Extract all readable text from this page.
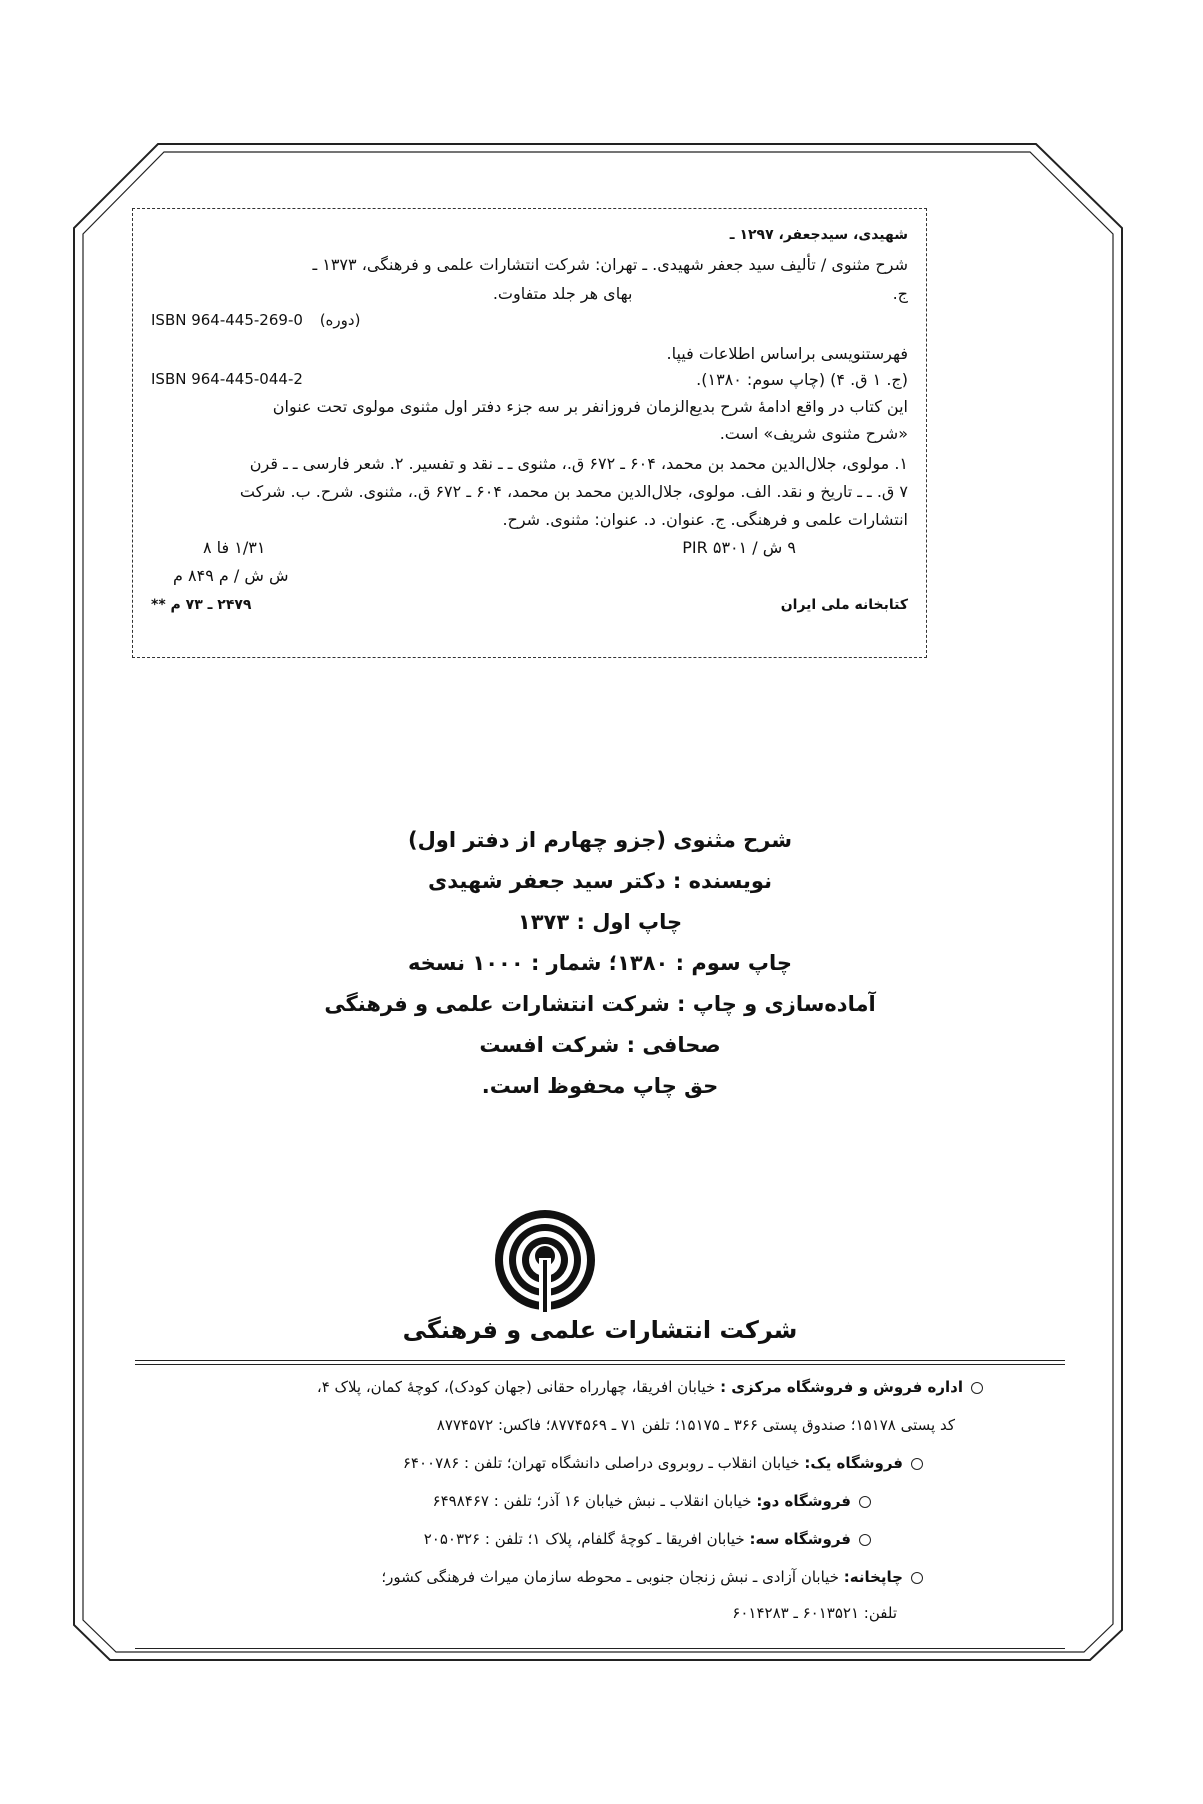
شهیدی، سیدجعفر، ۱۲۹۷ ـ
شرح مثنوی / تألیف سید جعفر شهیدی. ـ تهران: شرکت انتشارات علمی و فرهنگی، ۱۳۷۳ ـ
ج.  بهای هر جلد متفاوت.
ISBN 964-445-269-0 (دوره)
فهرستنویسی براساس اطلاعات فیپا.
ISBN 964-445-044-2	(ج. ۱ ق. ۴) (چاپ سوم: ۱۳۸۰).
این کتاب در واقع ادامهٔ شرح بدیع‌الزمان فروزانفر بر سه جزء دفتر اول مثنوی مولوی تحت عنوان
«شرح مثنوی شریف» است.
۱. مولوی، جلال‌الدین محمد بن محمد، ۶۰۴ ـ ۶۷۲ ق.، مثنوی ـ ـ نقد و تفسیر. ۲. شعر فارسی ـ ـ قرن
۷ ق. ـ ـ تاریخ و نقد. الف. مولوی، جلال‌الدین محمد بن محمد، ۶۰۴ ـ ۶۷۲ ق.، مثنوی. شرح. ب. شرکت
انتشارات علمی و فرهنگی. ج. عنوان. د. عنوان: مثنوی. شرح.
۹ ش / ۵۳۰۱ PIR
۱/۳۱ فا ۸
ش ش / م ۸۴۹ م
کتابخانه ملی ایران
۲۴۷۹ ـ ۷۳ م **
شرح مثنوی (جزو چهارم از دفتر اول)
نویسنده : دکتر سید جعفر شهیدی
چاپ اول : ۱۳۷۳
چاپ سوم : ۱۳۸۰؛ شمار : ۱۰۰۰ نسخه
آماده‌سازی و چاپ : شرکت انتشارات علمی و فرهنگی
صحافی : شرکت افست
حق چاپ محفوظ است.
شرکت انتشارات علمی و فرهنگی
اداره فروش و فروشگاه مرکزی : خیابان افریقا، چهارراه حقانی (جهان کودک)، کوچهٔ کمان، پلاک ۴،
کد پستی ۱۵۱۷۸؛ صندوق پستی ۳۶۶ ـ ۱۵۱۷۵؛ تلفن ۷۱ ـ ۸۷۷۴۵۶۹؛ فاکس: ۸۷۷۴۵۷۲
فروشگاه یک: خیابان انقلاب ـ روبروی دراصلی دانشگاه تهران؛ تلفن : ۶۴۰۰۷۸۶
فروشگاه دو: خیابان انقلاب ـ نبش خیابان ۱۶ آذر؛ تلفن : ۶۴۹۸۴۶۷
فروشگاه سه: خیابان افریقا ـ کوچهٔ گلفام، پلاک ۱؛ تلفن : ۲۰۵۰۳۲۶
چاپخانه: خیابان آزادی ـ نبش زنجان جنوبی ـ محوطه سازمان میراث فرهنگی کشور؛
تلفن: ۶۰۱۳۵۲۱ ـ ۶۰۱۴۲۸۳
